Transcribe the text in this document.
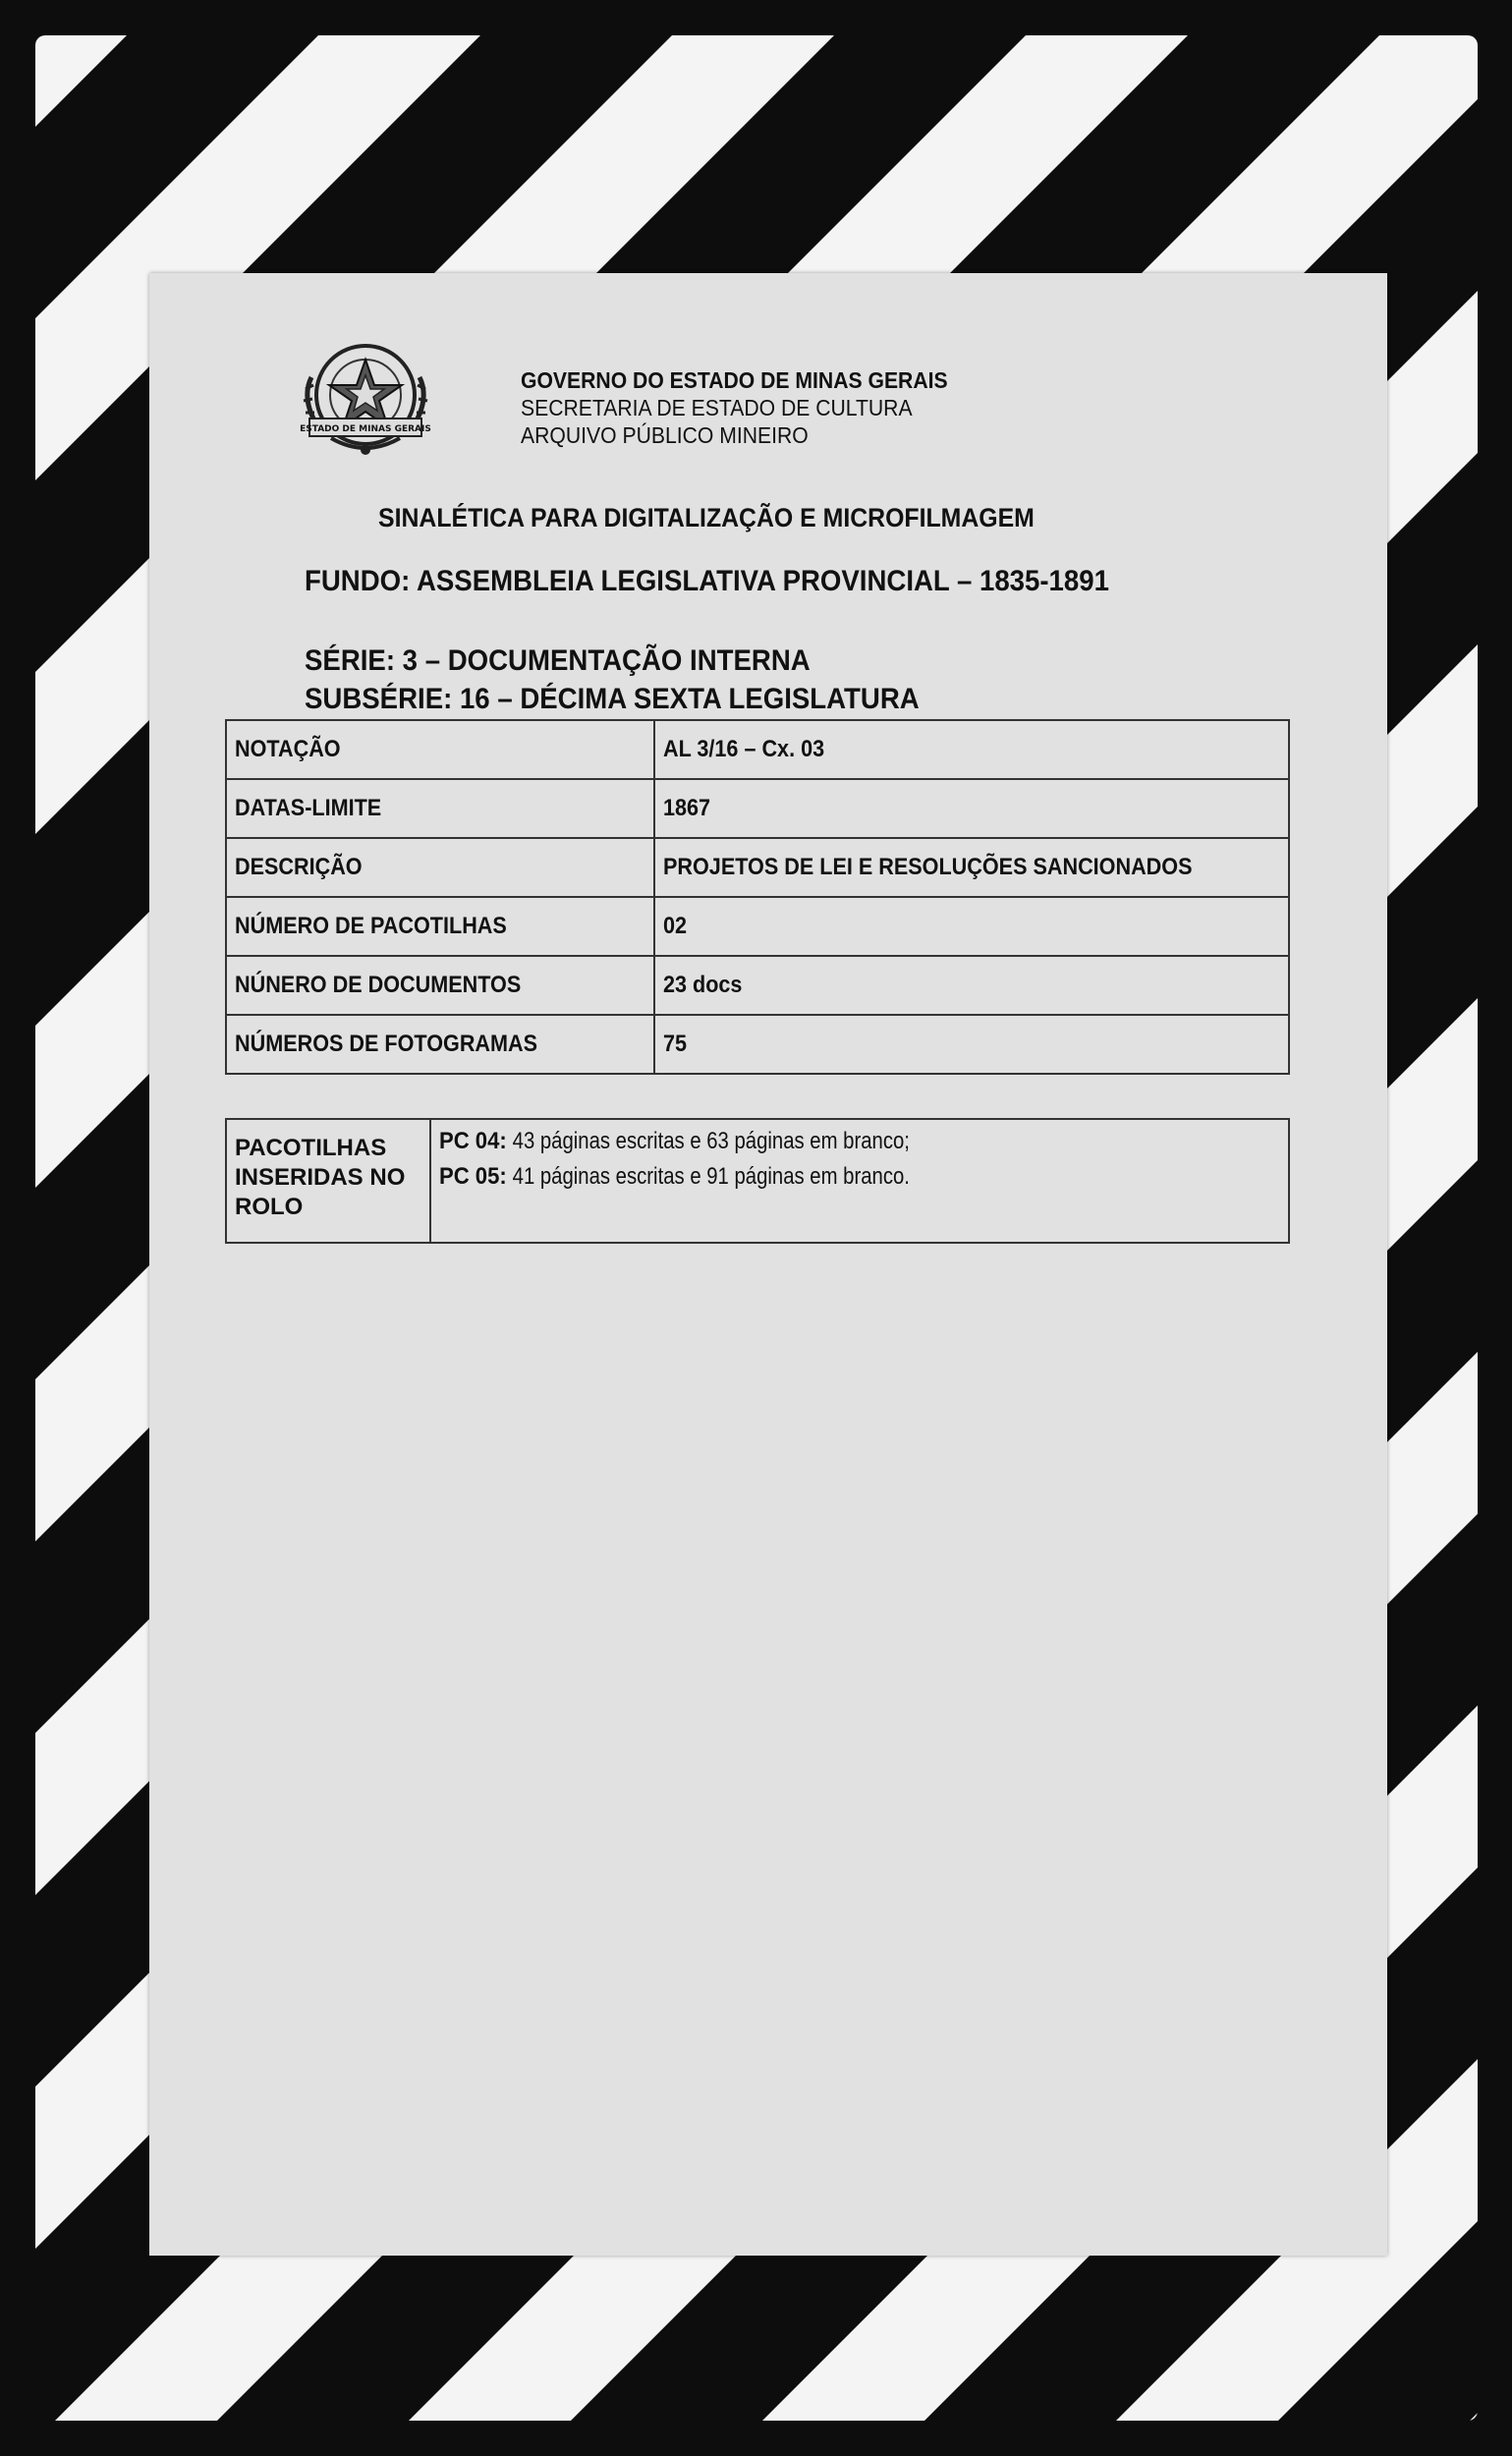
ESTADO DE MINAS GERAIS
GOVERNO DO ESTADO DE MINAS GERAIS
SECRETARIA DE ESTADO DE CULTURA
ARQUIVO PÚBLICO MINEIRO
SINALÉTICA PARA DIGITALIZAÇÃO E MICROFILMAGEM
FUNDO: ASSEMBLEIA LEGISLATIVA PROVINCIAL – 1835-1891
SÉRIE: 3 – DOCUMENTAÇÃO INTERNA
SUBSÉRIE: 16 – DÉCIMA SEXTA LEGISLATURA
NOTAÇÃO	AL 3/16 – Cx. 03
DATAS-LIMITE	1867
DESCRIÇÃO	PROJETOS DE LEI E RESOLUÇÕES SANCIONADOS
NÚMERO DE PACOTILHAS	02
NÚNERO DE DOCUMENTOS	23 docs
NÚMEROS DE FOTOGRAMAS	75
PACOTILHAS INSERIDAS NO ROLO	
PC 04: 43 páginas escritas e 63 páginas em branco;
PC 05: 41 páginas escritas e 91 páginas em branco.
